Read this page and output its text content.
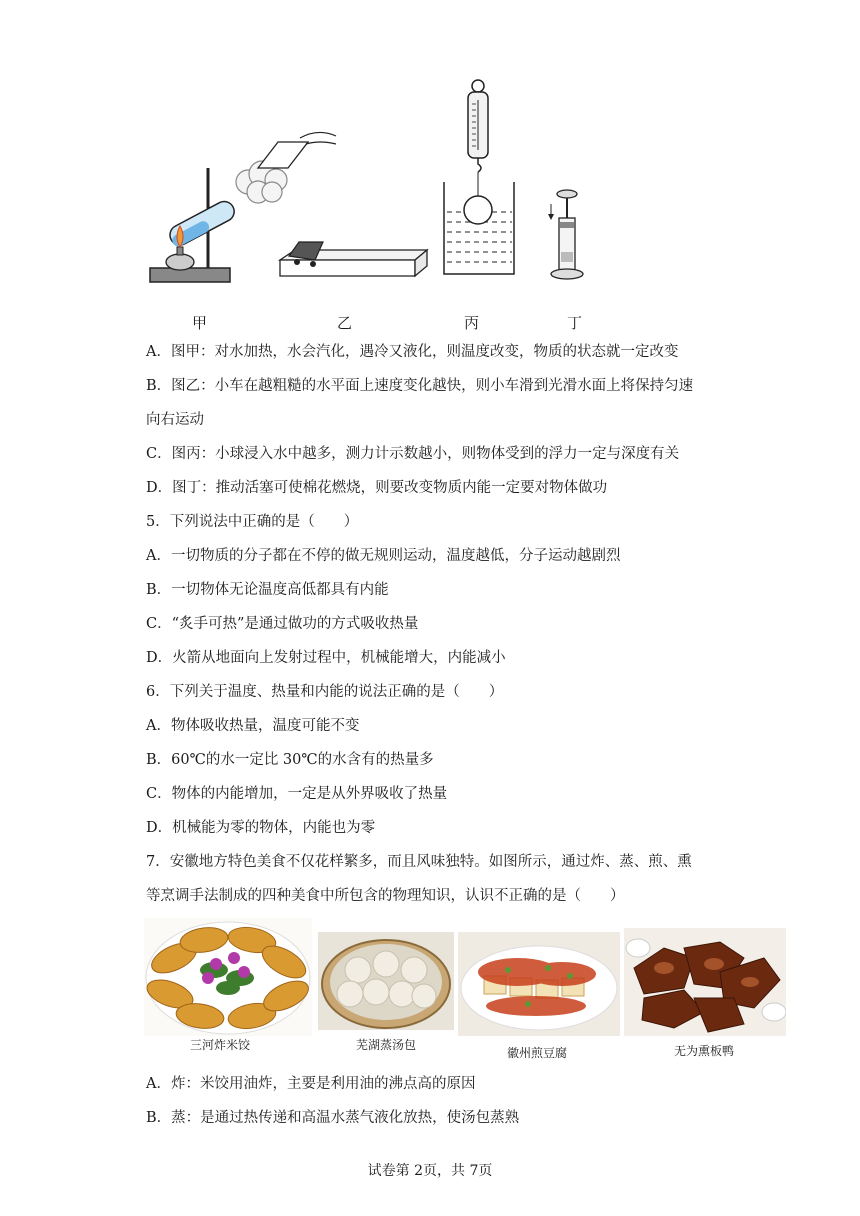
甲	乙	丙	丁
A．图甲：对水加热，水会汽化，遇冷又液化，则温度改变，物质的状态就一定改变
B．图乙：小车在越粗糙的水平面上速度变化越快，则小车滑到光滑水面上将保持匀速
向右运动
C．图丙：小球浸入水中越多，测力计示数越小，则物体受到的浮力一定与深度有关
D．图丁：推动活塞可使棉花燃烧，则要改变物质内能一定要对物体做功
5．下列说法中正确的是（　　）
A．一切物质的分子都在不停的做无规则运动，温度越低，分子运动越剧烈
B．一切物体无论温度高低都具有内能
C．“炙手可热”是通过做功的方式吸收热量
D．火箭从地面向上发射过程中，机械能增大，内能减小
6．下列关于温度、热量和内能的说法正确的是（　　）
A．物体吸收热量，温度可能不变
B．60℃的水一定比 30℃的水含有的热量多
C．物体的内能增加，一定是从外界吸收了热量
D．机械能为零的物体，内能也为零
7．安徽地方特色美食不仅花样繁多，而且风味独特。如图所示，通过炸、蒸、煎、熏
等烹调手法制成的四种美食中所包含的物理知识，认识不正确的是（　　）
三河炸米饺	芜湖蒸汤包
徽州煎豆腐	无为熏板鸭
A．炸：米饺用油炸，主要是利用油的沸点高的原因
B．蒸：是通过热传递和高温水蒸气液化放热，使汤包蒸熟
试卷第 2页，共 7页
